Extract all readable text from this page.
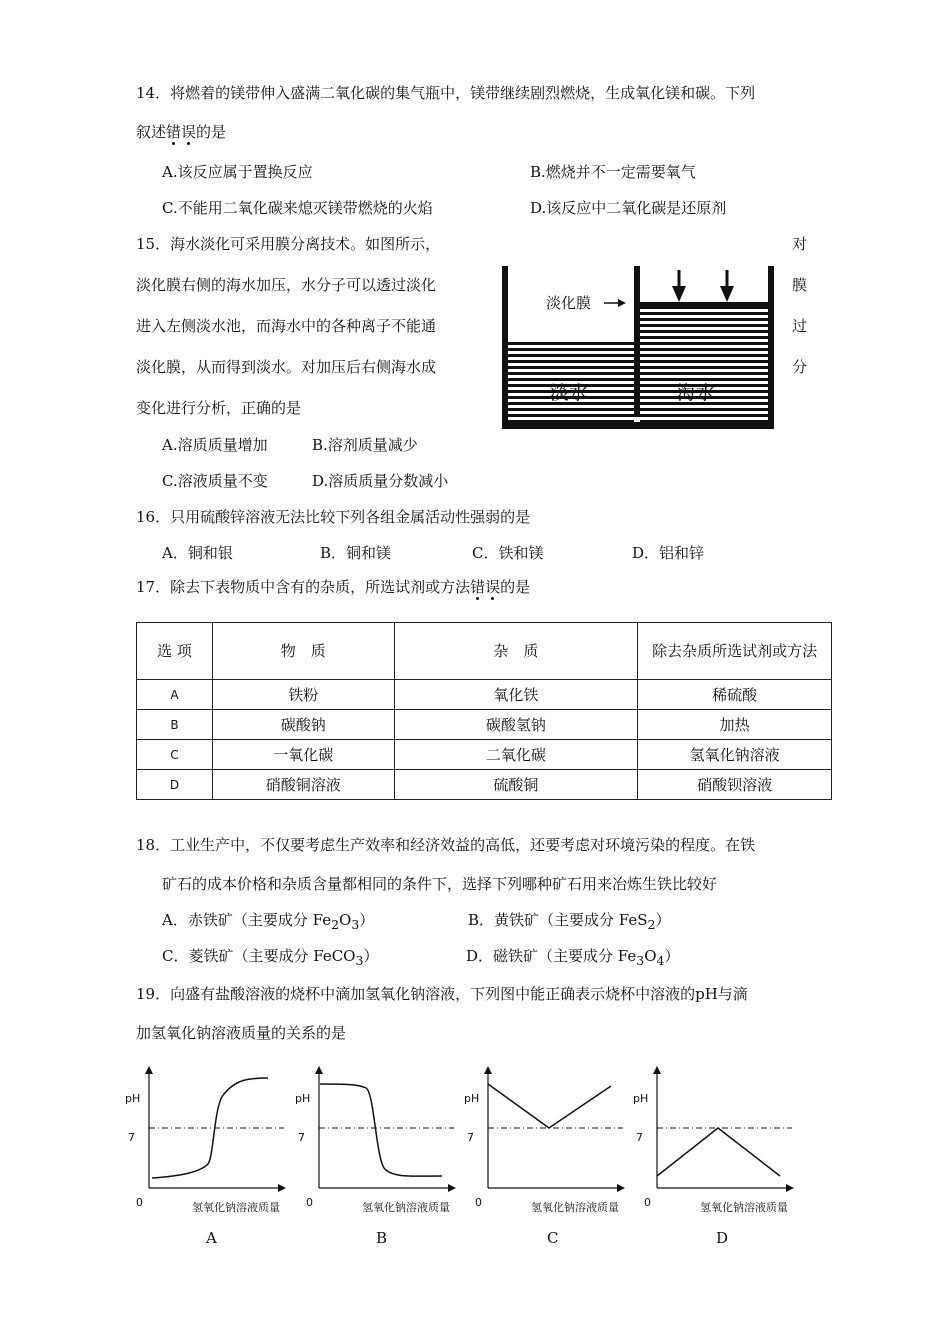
14．将燃着的镁带伸入盛满二氧化碳的集气瓶中，镁带继续剧烈燃烧，生成氧化镁和碳。下列
叙述错误
的是
A.该反应属于置换反应	B.燃烧并不一定需要氧气
C.不能用二氧化碳来熄灭镁带燃烧的火焰	D.该反应中二氧化碳是还原剂
15．海水淡化可采用膜分离技术。如图所示，
淡化膜右侧的海水加压，水分子可以透过淡化
进入左侧淡水池，而海水中的各种离子不能通
淡化膜，从而得到淡水。对加压后右侧海水成
变化进行分析，正确的是
对
膜
过
分
淡化膜
淡水	海水
A.溶质质量增加	B.溶剂质量减少
C.溶液质量不变	D.溶质质量分数减小
16．只用硫酸锌溶液无法比较下列各组金属活动性强弱的是
A．铜和银	B．铜和镁	C．铁和镁	D．铝和锌
17．除去下表物质中含有的杂质，所选试剂或方法错误
的是
选 项	物　质	杂　质	除去杂质所选试剂或方法
A	铁粉	氧化铁	稀硫酸
B	碳酸钠	碳酸氢钠	加热
C	一氧化碳	二氧化碳	氢氧化钠溶液
D	硝酸铜溶液	硫酸铜	硝酸钡溶液
18．工业生产中，不仅要考虑生产效率和经济效益的高低，还要考虑对环境污染的程度。在铁
矿石的成本价格和杂质含量都相同的条件下，选择下列哪种矿石用来冶炼生铁比较好
A．赤铁矿（主要成分 $Fe_2O_3$）	B．黄铁矿（主要成分 FeS$_2$）
C．菱铁矿（主要成分 FeCO$_3$）	D．磁铁矿（主要成分 $Fe_3O_4$）
19．向盛有盐酸溶液的烧杯中滴加氢氧化钠溶液，下列图中能正确表示烧杯中溶液的pH与滴
加氢氧化钠溶液质量的关系的是
pH
7
0	氢氧化钠溶液质量
A
pH
7
0	氢氧化钠溶液质量
B
pH
7
0	氢氧化钠溶液质量
C
pH
7
0	氢氧化钠溶液质量
D
